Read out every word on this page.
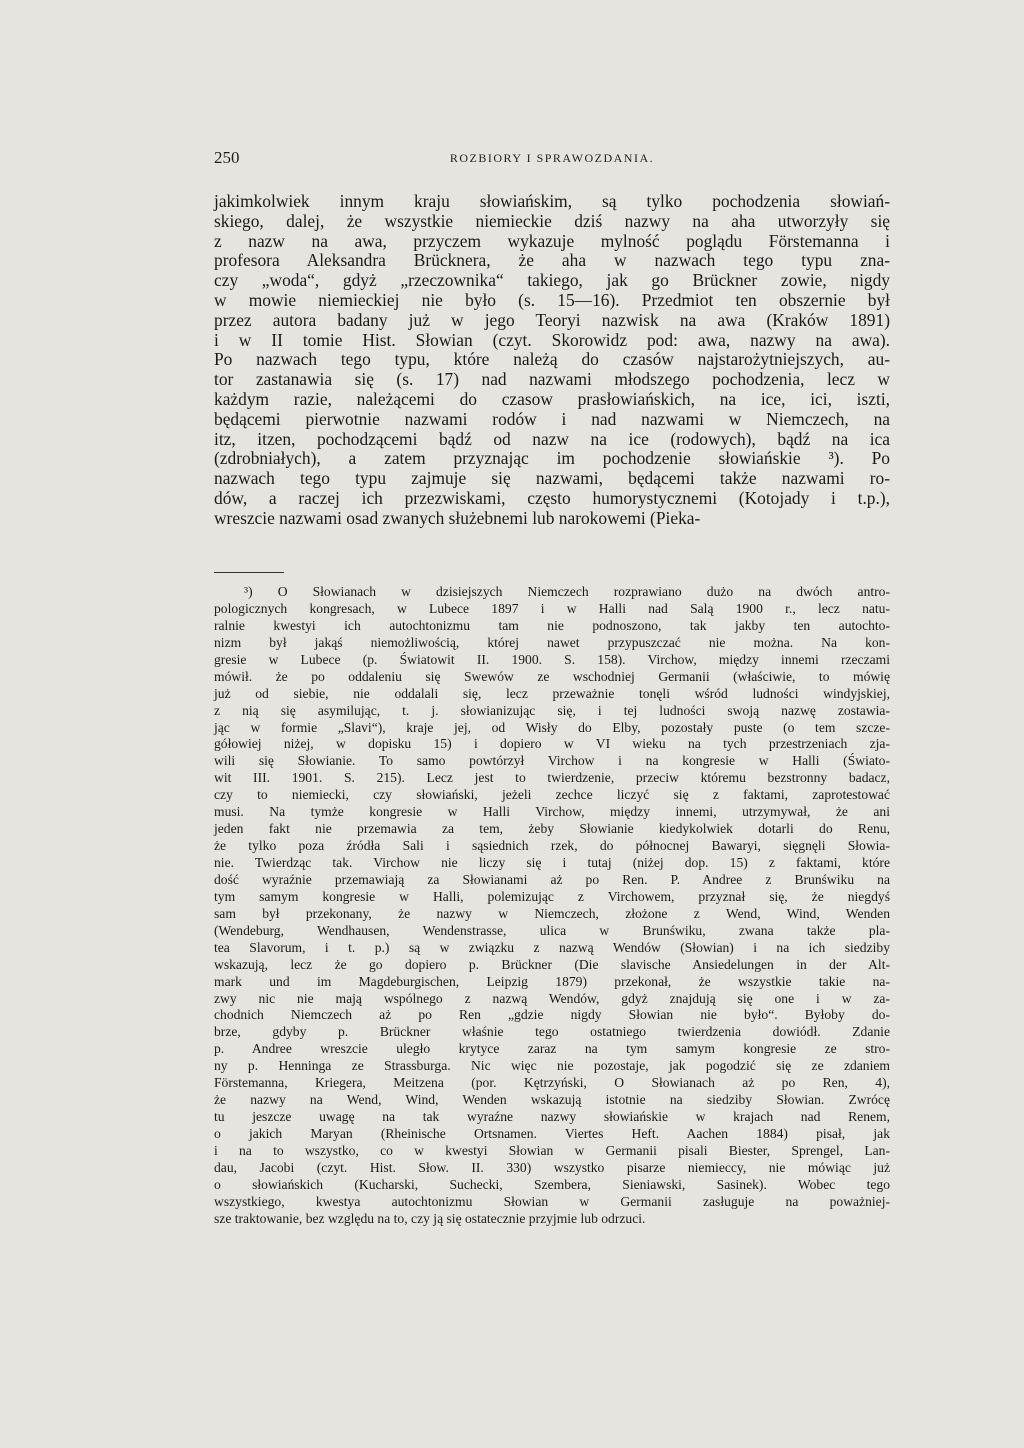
250	ROZBIORY I SPRAWOZDANIA.
jakimkolwiek innym kraju słowiańskim, są tylko pochodzenia słowiań-
skiego, dalej, że wszystkie niemieckie dziś nazwy na aha utworzyły się
z nazw na awa, przyczem wykazuje mylność poglądu Förstemanna i
profesora Aleksandra Brücknera, że aha w nazwach tego typu zna-
czy „woda“, gdyż „rzeczownika“ takiego, jak go Brückner zowie, nigdy
w mowie niemieckiej nie było (s. 15—16). Przedmiot ten obszernie był
przez autora badany już w jego Teoryi nazwisk na awa (Kraków 1891)
i w II tomie Hist. Słowian (czyt. Skorowidz pod: awa, nazwy na awa).
Po nazwach tego typu, które należą do czasów najstarożytniejszych, au-
tor zastanawia się (s. 17) nad nazwami młodszego pochodzenia, lecz w
każdym razie, należącemi do czasow prasłowiańskich, na ice, ici, iszti,
będącemi pierwotnie nazwami rodów i nad nazwami w Niemczech, na
itz, itzen, pochodzącemi bądź od nazw na ice (rodowych), bądź na ica
(zdrobniałych), a zatem przyznając im pochodzenie słowiańskie ³). Po
nazwach tego typu zajmuje się nazwami, będącemi także nazwami ro-
dów, a raczej ich przezwiskami, często humorystycznemi (Kotojady i t.p.),
wreszcie nazwami osad zwanych służebnemi lub narokowemi (Pieka-
³) O Słowianach w dzisiejszych Niemczech rozprawiano dużo na dwóch antro-
pologicznych kongresach, w Lubece 1897 i w Halli nad Salą 1900 r., lecz natu-
ralnie kwestyi ich autochtonizmu tam nie podnoszono, tak jakby ten autochto-
nizm był jakąś niemożliwością, której nawet przypuszczać nie można. Na kon-
gresie w Lubece (p. Światowit II. 1900. S. 158). Virchow, między innemi rzeczami
mówił. że po oddaleniu się Swewów ze wschodniej Germanii (właściwie, to mówię
już od siebie, nie oddalali się, lecz przeważnie tonęli wśród ludności windyjskiej,
z nią się asymilując, t. j. słowianizując się, i tej ludności swoją nazwę zostawia-
jąc w formie „Slavi“), kraje jej, od Wisły do Elby, pozostały puste (o tem szcze-
gółowiej niżej, w dopisku 15) i dopiero w VI wieku na tych przestrzeniach zja-
wili się Słowianie. To samo powtórzył Virchow i na kongresie w Halli (Świato-
wit III. 1901. S. 215). Lecz jest to twierdzenie, przeciw któremu bezstronny badacz,
czy to niemiecki, czy słowiański, jeżeli zechce liczyć się z faktami, zaprotestować
musi. Na tymże kongresie w Halli Virchow, między innemi, utrzymywał, że ani
jeden fakt nie przemawia za tem, żeby Słowianie kiedykolwiek dotarli do Renu,
że tylko poza źródła Sali i sąsiednich rzek, do północnej Bawaryi, sięgnęli Słowia-
nie. Twierdząc tak. Virchow nie liczy się i tutaj (niżej dop. 15) z faktami, które
dość wyraźnie przemawiają za Słowianami aż po Ren. P. Andree z Brunświku na
tym samym kongresie w Halli, polemizując z Virchowem, przyznał się, że niegdyś
sam był przekonany, że nazwy w Niemczech, złożone z Wend, Wind, Wenden
(Wendeburg, Wendhausen, Wendenstrasse, ulica w Brunświku, zwana także pla-
tea Slavorum, i t. p.) są w związku z nazwą Wendów (Słowian) i na ich siedziby
wskazują, lecz że go dopiero p. Brückner (Die slavische Ansiedelungen in der Alt-
mark und im Magdeburgischen, Leipzig 1879) przekonał, że wszystkie takie na-
zwy nic nie mają wspólnego z nazwą Wendów, gdyż znajdują się one i w za-
chodnich Niemczech aż po Ren „gdzie nigdy Słowian nie było“. Byłoby do-
brze, gdyby p. Brückner właśnie tego ostatniego twierdzenia dowiódł. Zdanie
p. Andree wreszcie uległo krytyce zaraz na tym samym kongresie ze stro-
ny p. Henninga ze Strassburga. Nic więc nie pozostaje, jak pogodzić się ze zdaniem
Förstemanna, Kriegera, Meitzena (por. Kętrzyński, O Słowianach aż po Ren, 4),
że nazwy na Wend, Wind, Wenden wskazują istotnie na siedziby Słowian. Zwrócę
tu jeszcze uwagę na tak wyraźne nazwy słowiańskie w krajach nad Renem,
o jakich Maryan (Rheinische Ortsnamen. Viertes Heft. Aachen 1884) pisał, jak
i na to wszystko, co w kwestyi Słowian w Germanii pisali Biester, Sprengel, Lan-
dau, Jacobi (czyt. Hist. Słow. II. 330) wszystko pisarze niemieccy, nie mówiąc już
o słowiańskich (Kucharski, Suchecki, Szembera, Sieniawski, Sasinek). Wobec tego
wszystkiego, kwestya autochtonizmu Słowian w Germanii zasługuje na poważniej-
sze traktowanie, bez względu na to, czy ją się ostatecznie przyjmie lub odrzuci.
